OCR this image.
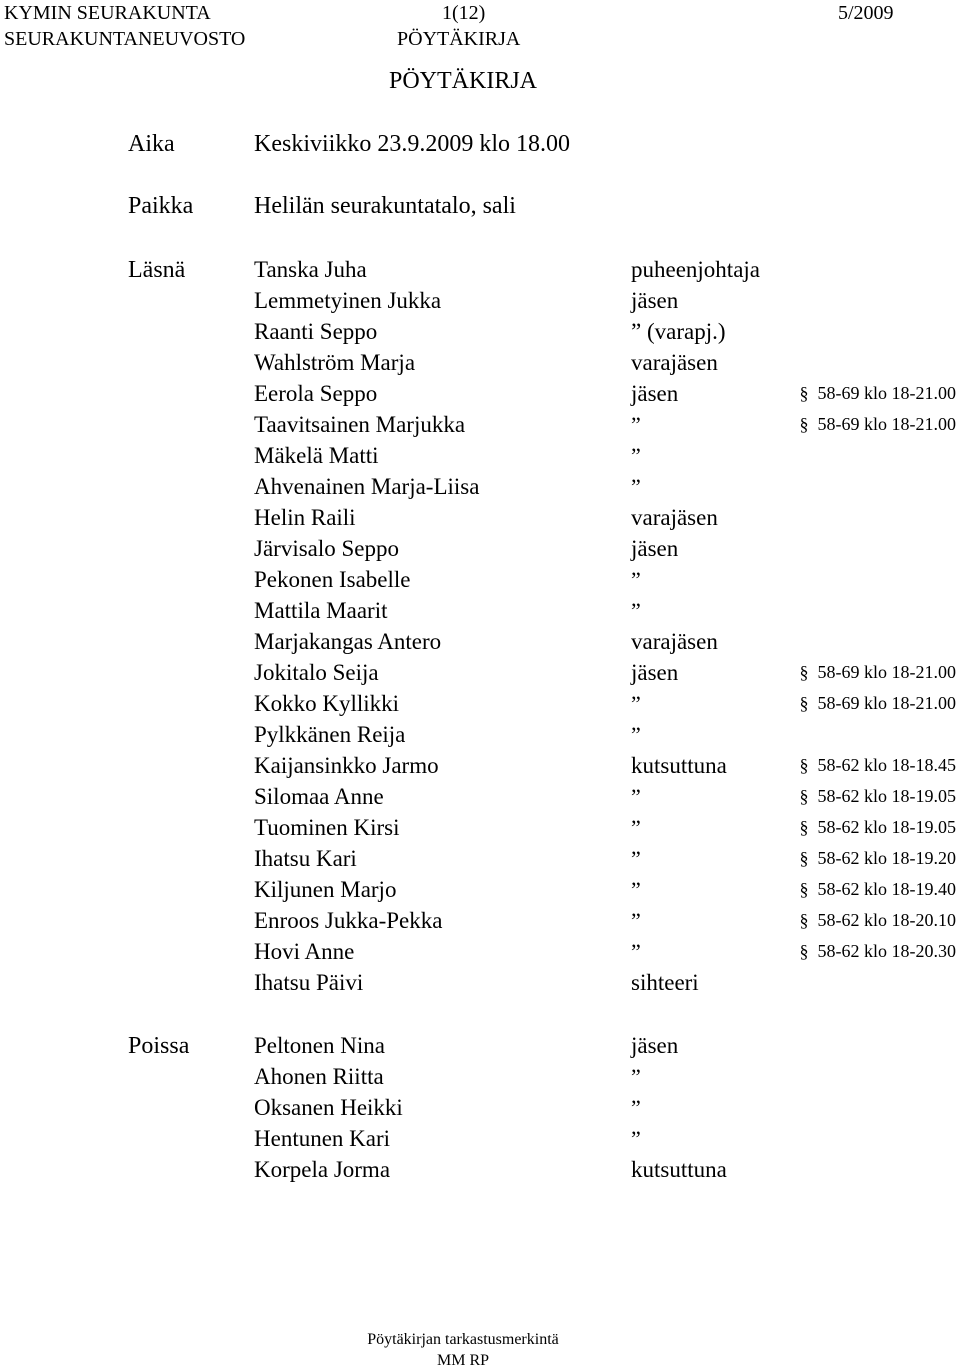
KYMIN SEURAKUNTA	1(12)	5/2009
SEURAKUNTANEUVOSTO	PÖYTÄKIRJA
PÖYTÄKIRJA
Aika	Keskiviikko 23.9.2009 klo 18.00
Paikka	Helilän seurakuntatalo, sali
Läsnä	Tanska Juha	puheenjohtaja
Lemmetyinen Jukka	jäsen
Raanti Seppo	” (varapj.)
Wahlström Marja	varajäsen
Eerola Seppo	jäsen	§ 58-69 klo 18-21.00
Taavitsainen Marjukka	”	§ 58-69 klo 18-21.00
Mäkelä Matti	”
Ahvenainen Marja-Liisa	”
Helin Raili	varajäsen
Järvisalo Seppo	jäsen
Pekonen Isabelle	”
Mattila Maarit	”
Marjakangas Antero	varajäsen
Jokitalo Seija	jäsen	§ 58-69 klo 18-21.00
Kokko Kyllikki	”	§ 58-69 klo 18-21.00
Pylkkänen Reija	”
Kaijansinkko Jarmo	kutsuttuna	§ 58-62 klo 18-18.45
Silomaa Anne	”	§ 58-62 klo 18-19.05
Tuominen Kirsi	”	§ 58-62 klo 18-19.05
Ihatsu Kari	”	§ 58-62 klo 18-19.20
Kiljunen Marjo	”	§ 58-62 klo 18-19.40
Enroos Jukka-Pekka	”	§ 58-62 klo 18-20.10
Hovi Anne	”	§ 58-62 klo 18-20.30
Ihatsu Päivi	sihteeri
Poissa	Peltonen Nina	jäsen
Ahonen Riitta	”
Oksanen Heikki	”
Hentunen Kari	”
Korpela Jorma	kutsuttuna
Pöytäkirjan tarkastusmerkintä
MM RP
